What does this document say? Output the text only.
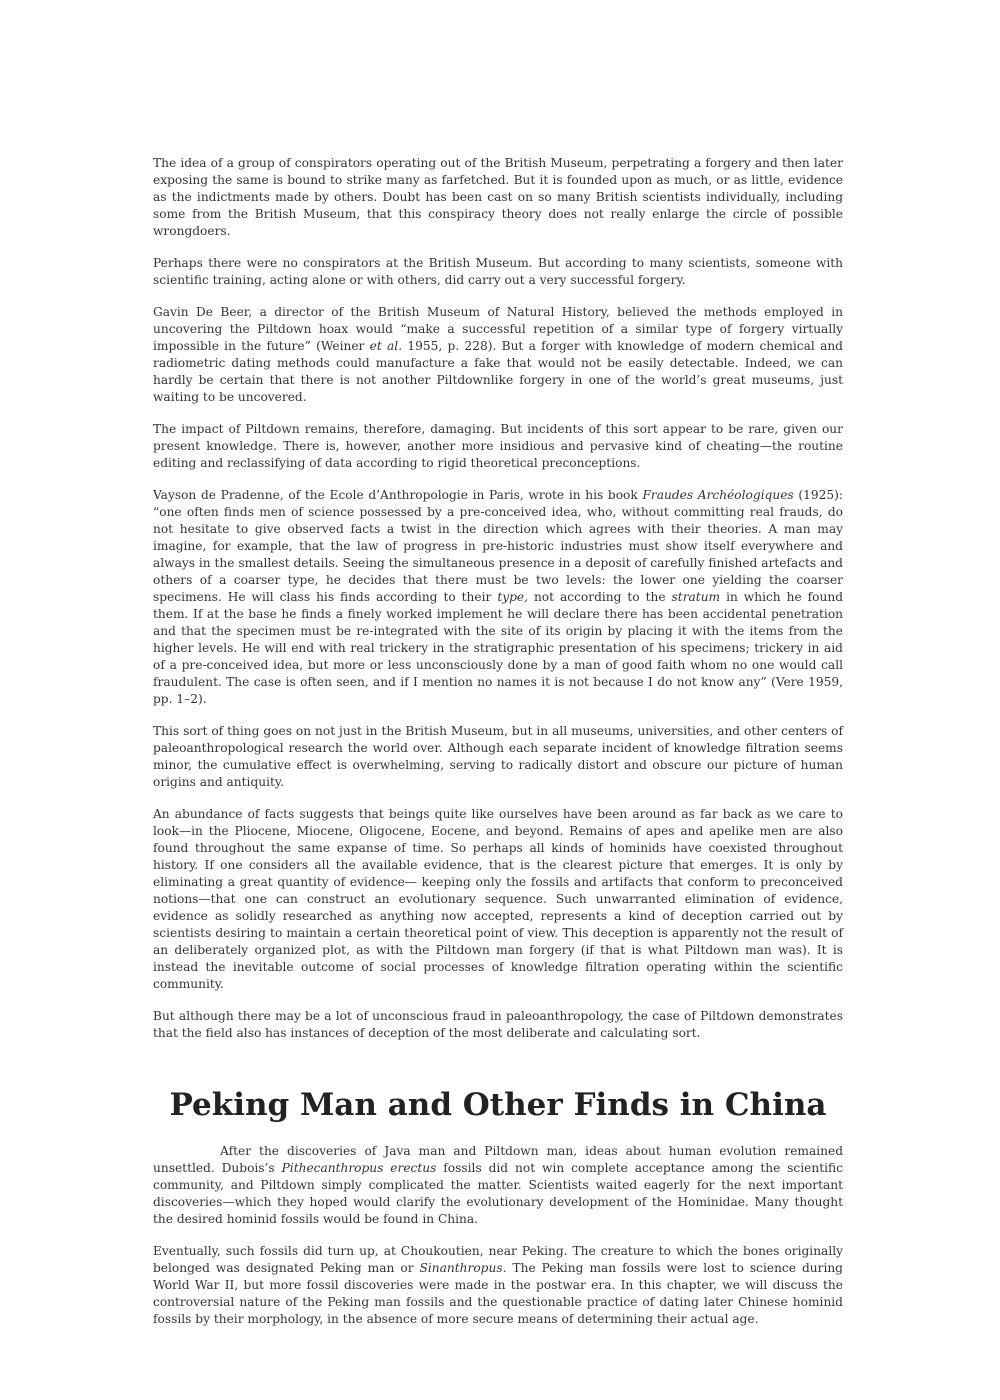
The idea of a group of conspirators operating out of the British Museum, perpetrating a forgery and then later exposing the same is bound to strike many as farfetched. But it is founded upon as much, or as little, evidence as the indictments made by others. Doubt has been cast on so many British scientists individually, including some from the British Museum, that this conspiracy theory does not really enlarge the circle of possible wrongdoers.

Perhaps there were no conspirators at the British Museum. But according to many scientists, someone with scientific training, acting alone or with others, did carry out a very successful forgery.

Gavin De Beer, a director of the British Museum of Natural History, believed the methods employed in uncovering the Piltdown hoax would “make a successful repetition of a similar type of forgery virtually impossible in the future” (Weiner et al. 1955, p. 228). But a forger with knowledge of modern chemical and radiometric dating methods could manufacture a fake that would not be easily detectable. Indeed, we can hardly be certain that there is not another Piltdownlike forgery in one of the world’s great museums, just waiting to be uncovered.

The impact of Piltdown remains, therefore, damaging. But incidents of this sort appear to be rare, given our present knowledge. There is, however, another more insidious and pervasive kind of cheating—the routine editing and reclassifying of data according to rigid theoretical preconceptions.

Vayson de Pradenne, of the Ecole d’Anthropologie in Paris, wrote in his book Fraudes Archéologiques (1925): “one often finds men of science possessed by a pre-conceived idea, who, without committing real frauds, do not hesitate to give observed facts a twist in the direction which agrees with their theories. A man may imagine, for example, that the law of progress in pre-historic industries must show itself everywhere and always in the smallest details. Seeing the simultaneous presence in a deposit of carefully finished artefacts and others of a coarser type, he decides that there must be two levels: the lower one yielding the coarser specimens. He will class his finds according to their type, not according to the stratum in which he found them. If at the base he finds a finely worked implement he will declare there has been accidental penetration and that the specimen must be re-integrated with the site of its origin by placing it with the items from the higher levels. He will end with real trickery in the stratigraphic presentation of his specimens; trickery in aid of a pre-conceived idea, but more or less unconsciously done by a man of good faith whom no one would call fraudulent. The case is often seen, and if I mention no names it is not because I do not know any” (Vere 1959, pp. 1–2).

This sort of thing goes on not just in the British Museum, but in all museums, universities, and other centers of paleoanthropological research the world over. Although each separate incident of knowledge filtration seems minor, the cumulative effect is overwhelming, serving to radically distort and obscure our picture of human origins and antiquity.

An abundance of facts suggests that beings quite like ourselves have been around as far back as we care to look—in the Pliocene, Miocene, Oligocene, Eocene, and beyond. Remains of apes and apelike men are also found throughout the same expanse of time. So perhaps all kinds of hominids have coexisted throughout history. If one considers all the available evidence, that is the clearest picture that emerges. It is only by eliminating a great quantity of evidence— keeping only the fossils and artifacts that conform to preconceived notions—that one can construct an evolutionary sequence. Such unwarranted elimination of evidence, evidence as solidly researched as anything now accepted, represents a kind of deception carried out by scientists desiring to maintain a certain theoretical point of view. This deception is apparently not the result of an deliberately organized plot, as with the Piltdown man forgery (if that is what Piltdown man was). It is instead the inevitable outcome of social processes of knowledge filtration operating within the scientific community.

But although there may be a lot of unconscious fraud in paleoanthropology, the case of Piltdown demonstrates that the field also has instances of deception of the most deliberate and calculating sort.

Peking Man and Other Finds in China

After the discoveries of Java man and Piltdown man, ideas about human evolution remained unsettled. Dubois’s Pithecanthropus erectus fossils did not win complete acceptance among the scientific community, and Piltdown simply complicated the matter. Scientists waited eagerly for the next important discoveries—which they hoped would clarify the evolutionary development of the Hominidae. Many thought the desired hominid fossils would be found in China.

Eventually, such fossils did turn up, at Choukoutien, near Peking. The creature to which the bones originally belonged was designated Peking man or Sinanthropus. The Peking man fossils were lost to science during World War II, but more fossil discoveries were made in the postwar era. In this chapter, we will discuss the controversial nature of the Peking man fossils and the questionable practice of dating later Chinese hominid fossils by their morphology, in the absence of more secure means of determining their actual age.
